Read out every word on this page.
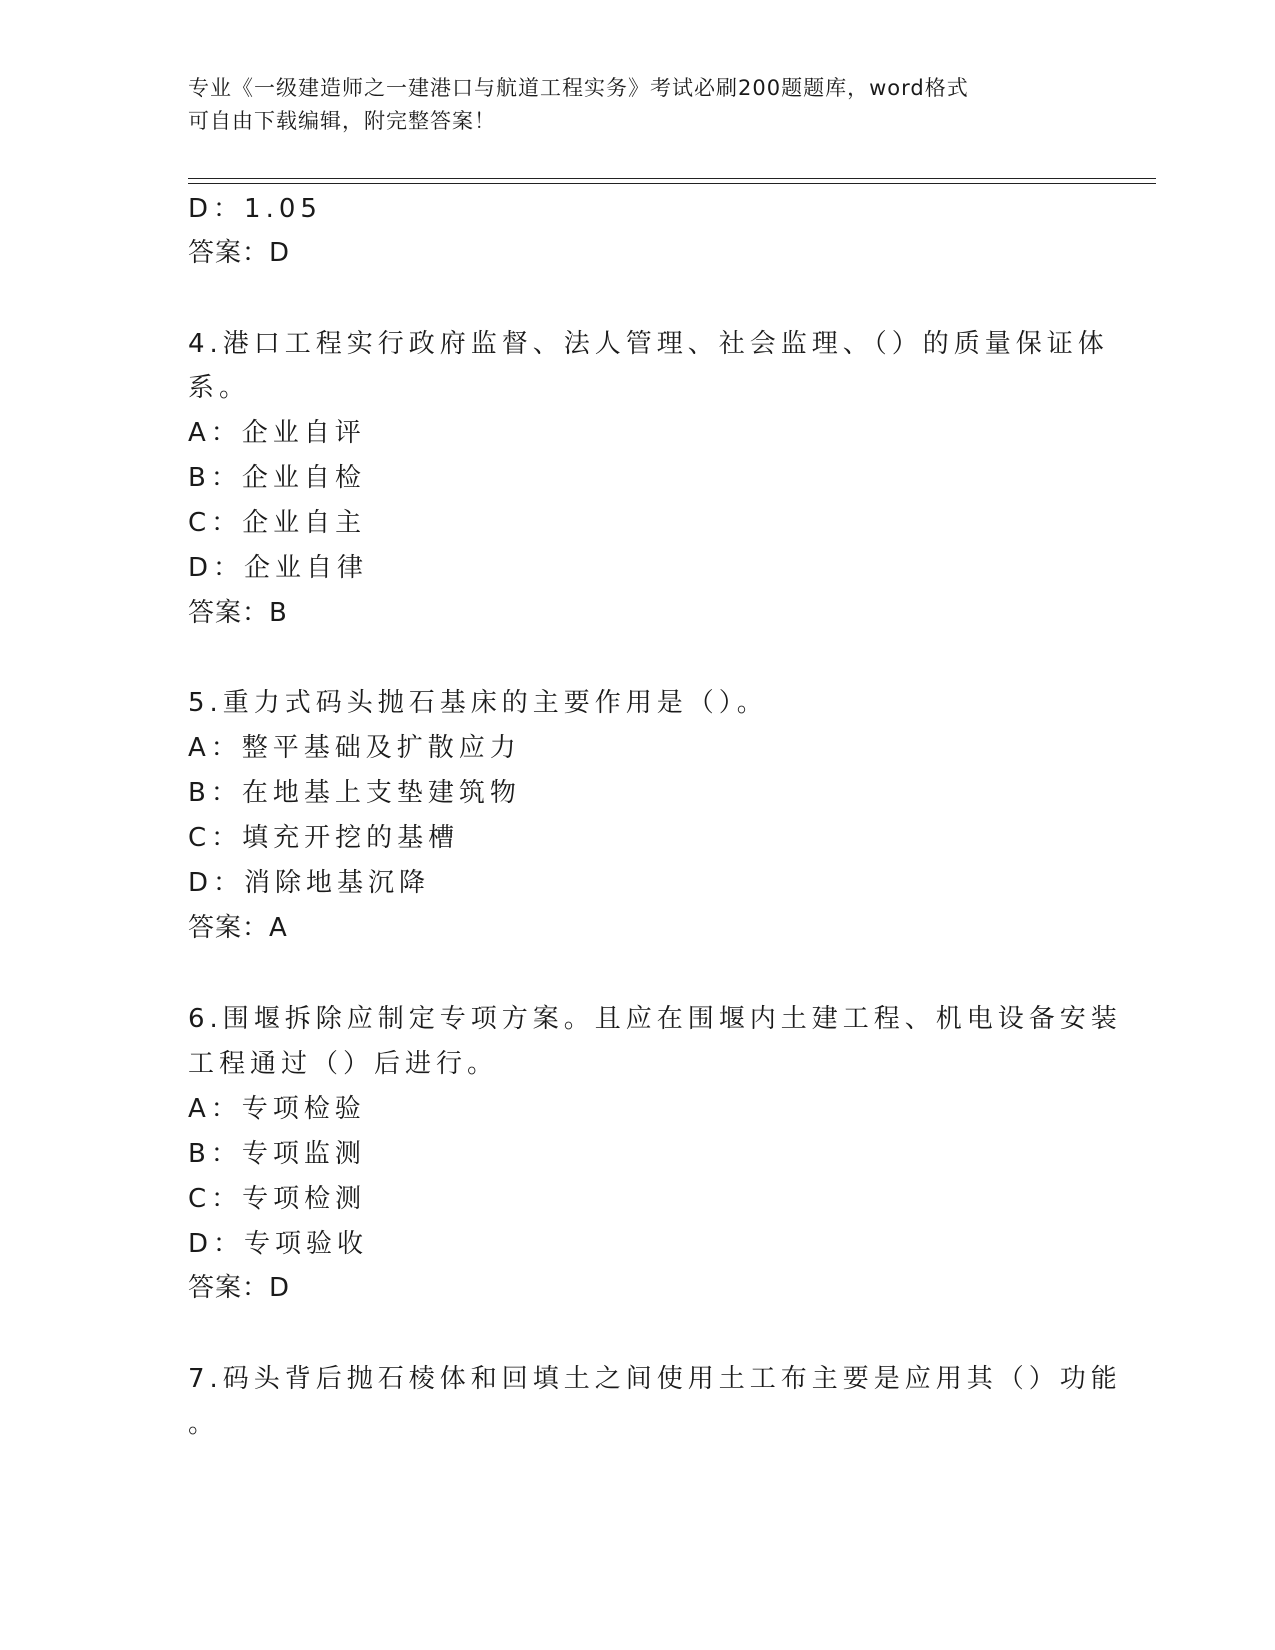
专业《一级建造师之一建港口与航道工程实务》考试必刷200题题库，word格式
可自由下载编辑，附完整答案！
D：1.05
答案：D
4.港口工程实行政府监督、法人管理、社会监理、（）的质量保证体
系。
A：企业自评
B：企业自检
C：企业自主
D：企业自律
答案：B
5.重力式码头抛石基床的主要作用是（）。
A：整平基础及扩散应力
B：在地基上支垫建筑物
C：填充开挖的基槽
D：消除地基沉降
答案：A
6.围堰拆除应制定专项方案。且应在围堰内土建工程、机电设备安装
工程通过（）后进行。
A：专项检验
B：专项监测
C：专项检测
D：专项验收
答案：D
7.码头背后抛石棱体和回填土之间使用土工布主要是应用其（）功能
。
